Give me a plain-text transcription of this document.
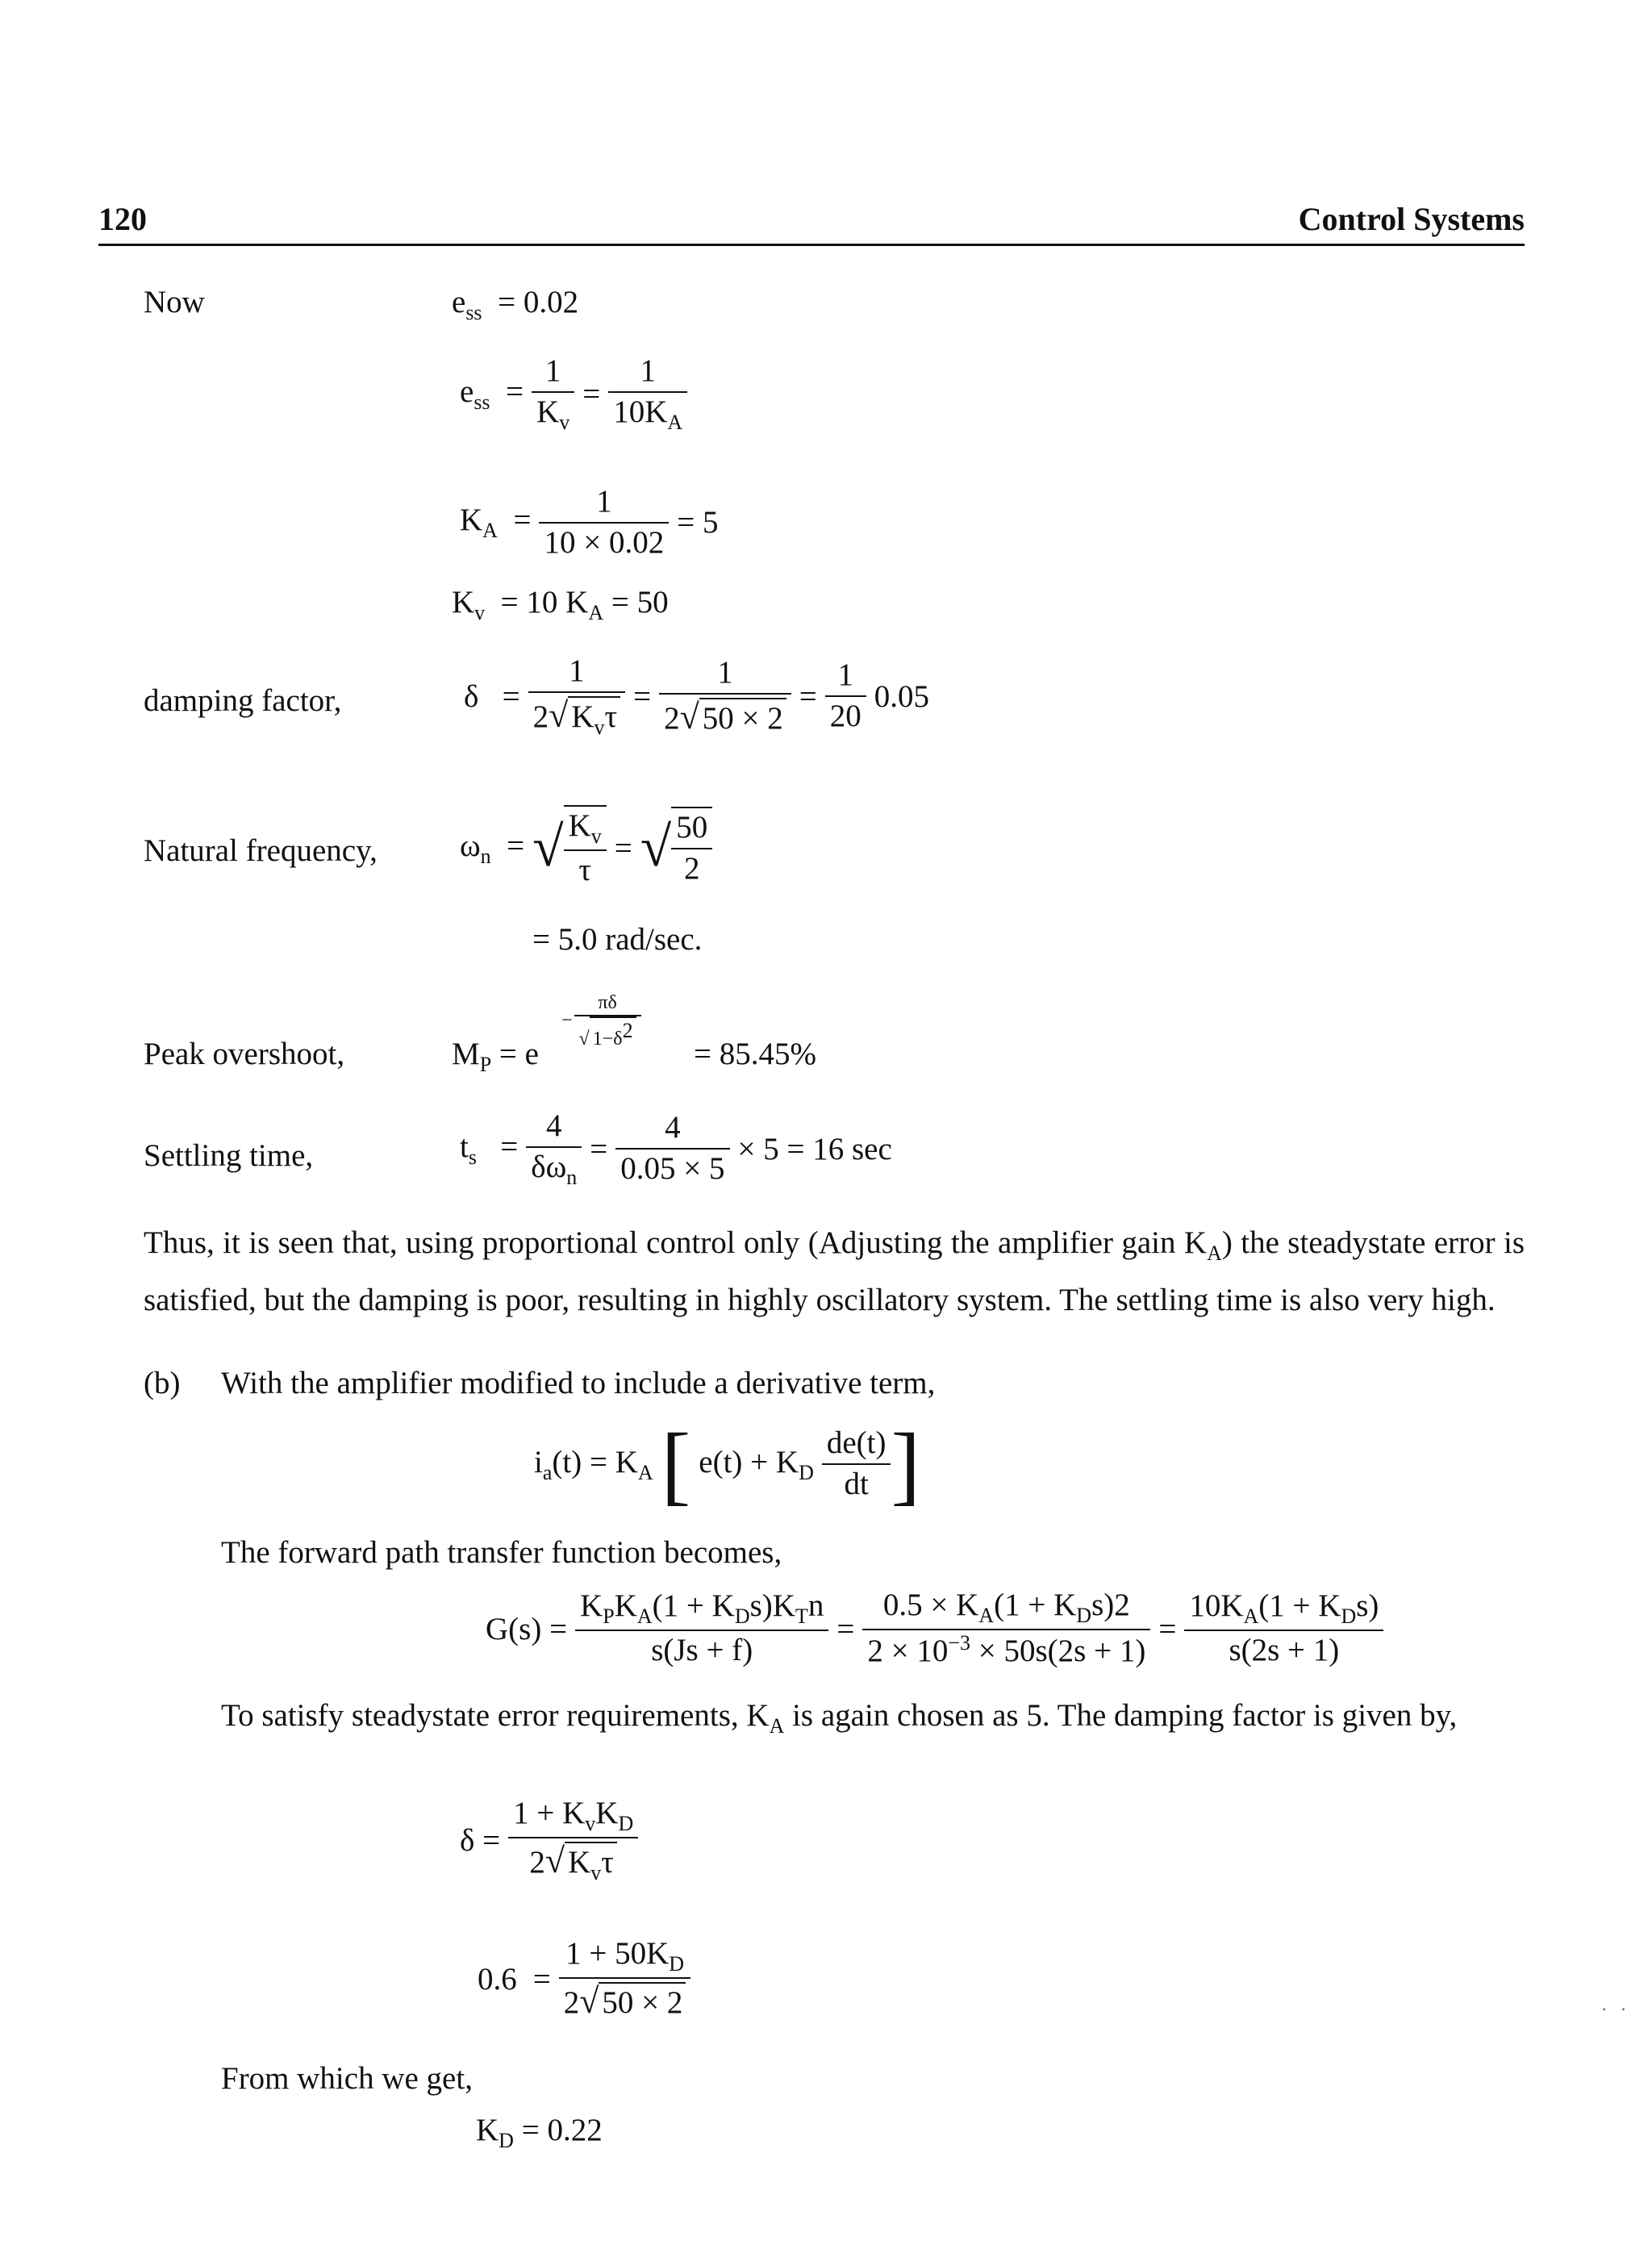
120	Control Systems
Now	$e_{ss} = 0.02$
$e_{ss} = \frac{1}{K_v} = \frac{1}{10K_A}$
$K_A = \frac{1}{10 \times 0.02} = 5$
$K_v = 10$ $K_A = 50$
damping factor,	δ   =
1
2√ $K_v\tau$
= $\frac{1}{2√ 50 \times 2} = \frac{1}{20} 0.05$
Natural frequency,	$\omega_n$  = √ $\frac{K_v}{\tau}$ = √ $\frac{50}{2}$
= 5.0 rad/sec.
Peak overshoot,	$M_P = e$
− $\frac{\pi\delta}{√ 1-\delta^2}$
= 85.45%
Settling time,	$t_s$   =
4
$\delta\omega_n$
= $\frac{4}{0.05 \times 5} \times 5 = 16$ sec
Thus, it is seen that, using proportional control only (Adjusting the amplifier gain $K_A$) the steadystate error is satisfied, but the damping is poor, resulting in highly oscillatory system. The settling time is also very high.
(b) With the amplifier modified to include a derivative term,
$i_a(t) = K_A$[ $e(t) + K_D \frac{de(t)}{dt}$ ]
The forward path transfer function becomes,
G(s) =
$K_PK_A(1 + K_Ds)K_Tn$
s(Js + f)
=
$0.5 \times K_A(1 + K_Ds)2$
$2 \times 10^{-3} \times 50s(2s + 1)$
=
$10K_A(1 + K_Ds)$
s(2s + 1)
To satisfy steadystate error requirements, $K_A$ is again chosen as 5. The damping factor is given by,
δ =
$1 + K_vK_D$
2√ $K_v\tau$
$0.6 = \frac{1 + 50K_D}{2√ 50 \times 2}$
From which we get,
$K_D = 0.22$
·   ·
